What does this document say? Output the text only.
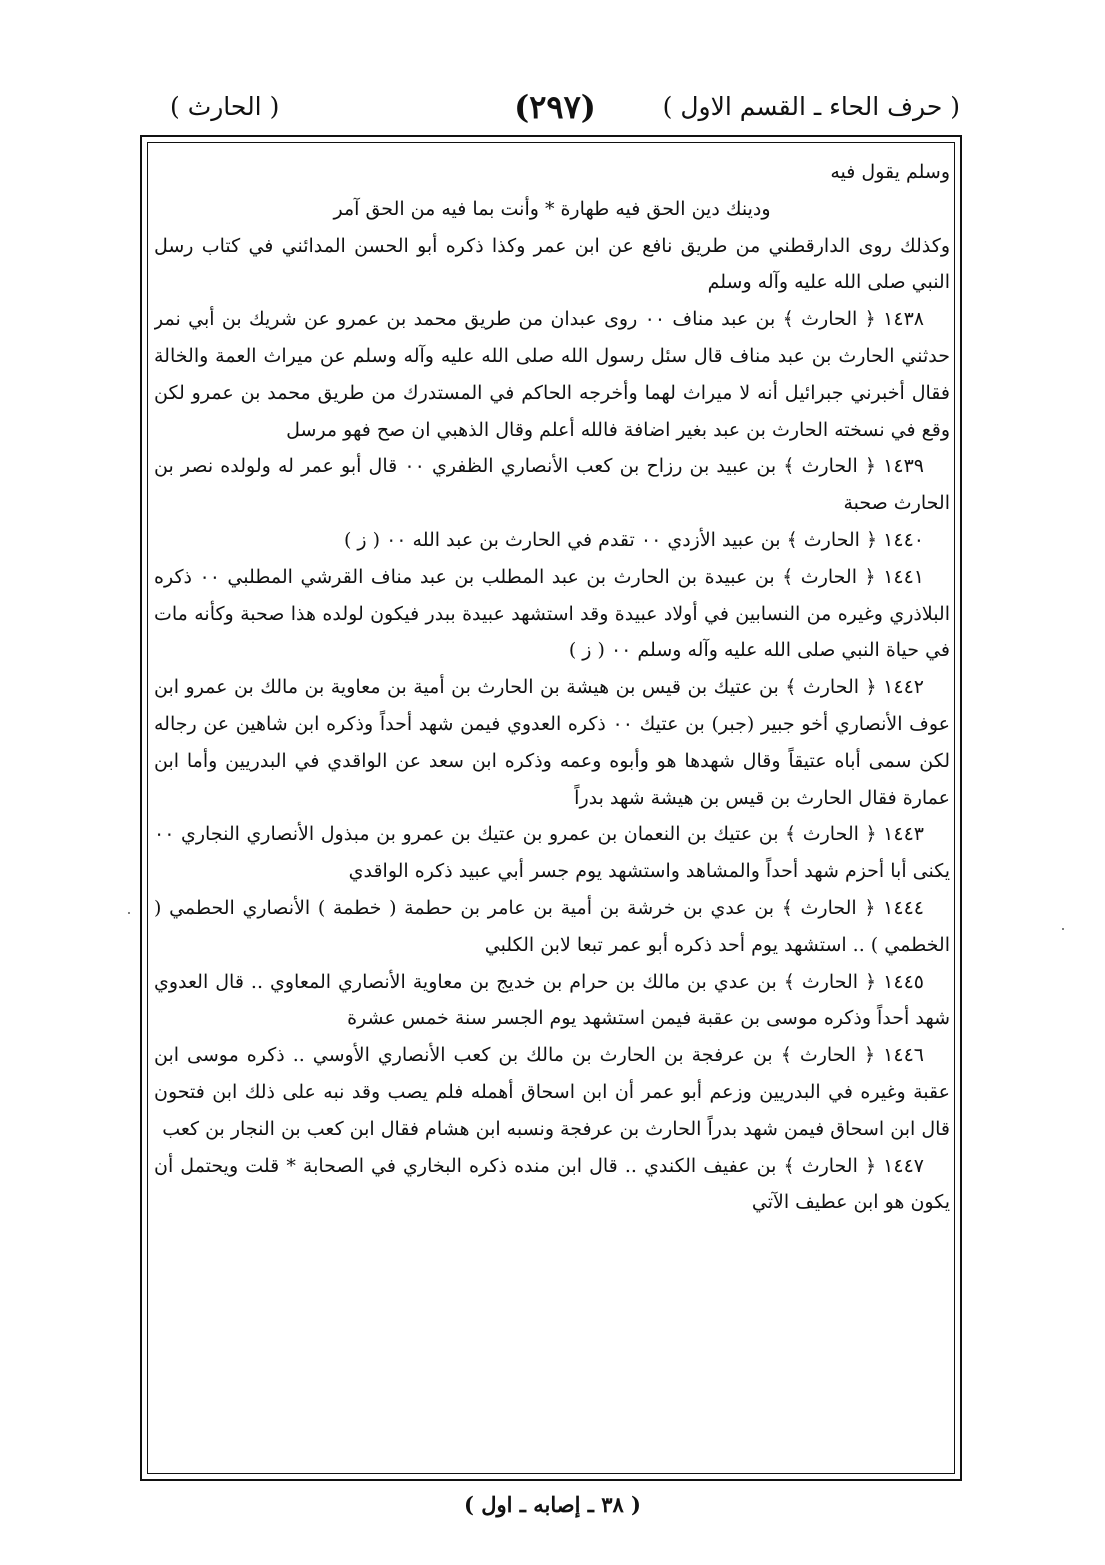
( حرف الحاء ـ القسم الاول )
(٢٩٧)
( الحارث )

وسلم يقول فيه

ودينك دين الحق فيه طهارة * وأنت بما فيه من الحق آمر

وكذلك روى الدارقطني من طريق نافع عن ابن عمر وكذا ذكره أبو الحسن المدائني في كتاب رسل النبي صلى الله عليه وآله وسلم

١٤٣٨ ﴿ الحارث ﴾ بن عبد مناف ٠٠ روى عبدان من طريق محمد بن عمرو عن شريك بن أبي نمر حدثني الحارث بن عبد مناف قال سئل رسول الله صلى الله عليه وآله وسلم عن ميراث العمة والخالة فقال أخبرني جبرائيل أنه لا ميراث لهما وأخرجه الحاكم في المستدرك من طريق محمد بن عمرو لكن وقع في نسخته الحارث بن عبد بغير اضافة فالله أعلم وقال الذهبي ان صح فهو مرسل

١٤٣٩ ﴿ الحارث ﴾ بن عبيد بن رزاح بن كعب الأنصاري الظفري ٠٠ قال أبو عمر له ولولده نصر بن الحارث صحبة

١٤٤٠ ﴿ الحارث ﴾ بن عبيد الأزدي ٠٠ تقدم في الحارث بن عبد الله ٠٠ ( ز )

١٤٤١ ﴿ الحارث ﴾ بن عبيدة بن الحارث بن عبد المطلب بن عبد مناف القرشي المطلبي ٠٠ ذكره البلاذري وغيره من النسابين في أولاد عبيدة وقد استشهد عبيدة ببدر فيكون لولده هذا صحبة وكأنه مات في حياة النبي صلى الله عليه وآله وسلم ٠٠ ( ز )

١٤٤٢ ﴿ الحارث ﴾ بن عتيك بن قيس بن هيشة بن الحارث بن أمية بن معاوية بن مالك بن عمرو ابن عوف الأنصاري أخو جبير (جبر) بن عتيك ٠٠ ذكره العدوي فيمن شهد أحداً وذكره ابن شاهين عن رجاله لكن سمى أباه عتيقاً وقال شهدها هو وأبوه وعمه وذكره ابن سعد عن الواقدي في البدريين وأما ابن عمارة فقال الحارث بن قيس بن هيشة شهد بدراً

١٤٤٣ ﴿ الحارث ﴾ بن عتيك بن النعمان بن عمرو بن عتيك بن عمرو بن مبذول الأنصاري النجاري ٠٠ يكنى أبا أحزم شهد أحداً والمشاهد واستشهد يوم جسر أبي عبيد ذكره الواقدي

١٤٤٤ ﴿ الحارث ﴾ بن عدي بن خرشة بن أمية بن عامر بن حطمة ( خطمة ) الأنصاري الحطمي ( الخطمي ) .. استشهد يوم أحد ذكره أبو عمر تبعا لابن الكلبي

١٤٤٥ ﴿ الحارث ﴾ بن عدي بن مالك بن حرام بن خديج بن معاوية الأنصاري المعاوي .. قال العدوي شهد أحداً وذكره موسى بن عقبة فيمن استشهد يوم الجسر سنة خمس عشرة

١٤٤٦ ﴿ الحارث ﴾ بن عرفجة بن الحارث بن مالك بن كعب الأنصاري الأوسي .. ذكره موسى ابن عقبة وغيره في البدريين وزعم أبو عمر أن ابن اسحاق أهمله فلم يصب وقد نبه على ذلك ابن فتحون قال ابن اسحاق فيمن شهد بدراً الحارث بن عرفجة ونسبه ابن هشام فقال ابن كعب بن النجار بن كعب

١٤٤٧ ﴿ الحارث ﴾ بن عفيف الكندي .. قال ابن منده ذكره البخاري في الصحابة * قلت ويحتمل أن يكون هو ابن عطيف الآتي

( ٣٨ ـ إصابه ـ اول )
